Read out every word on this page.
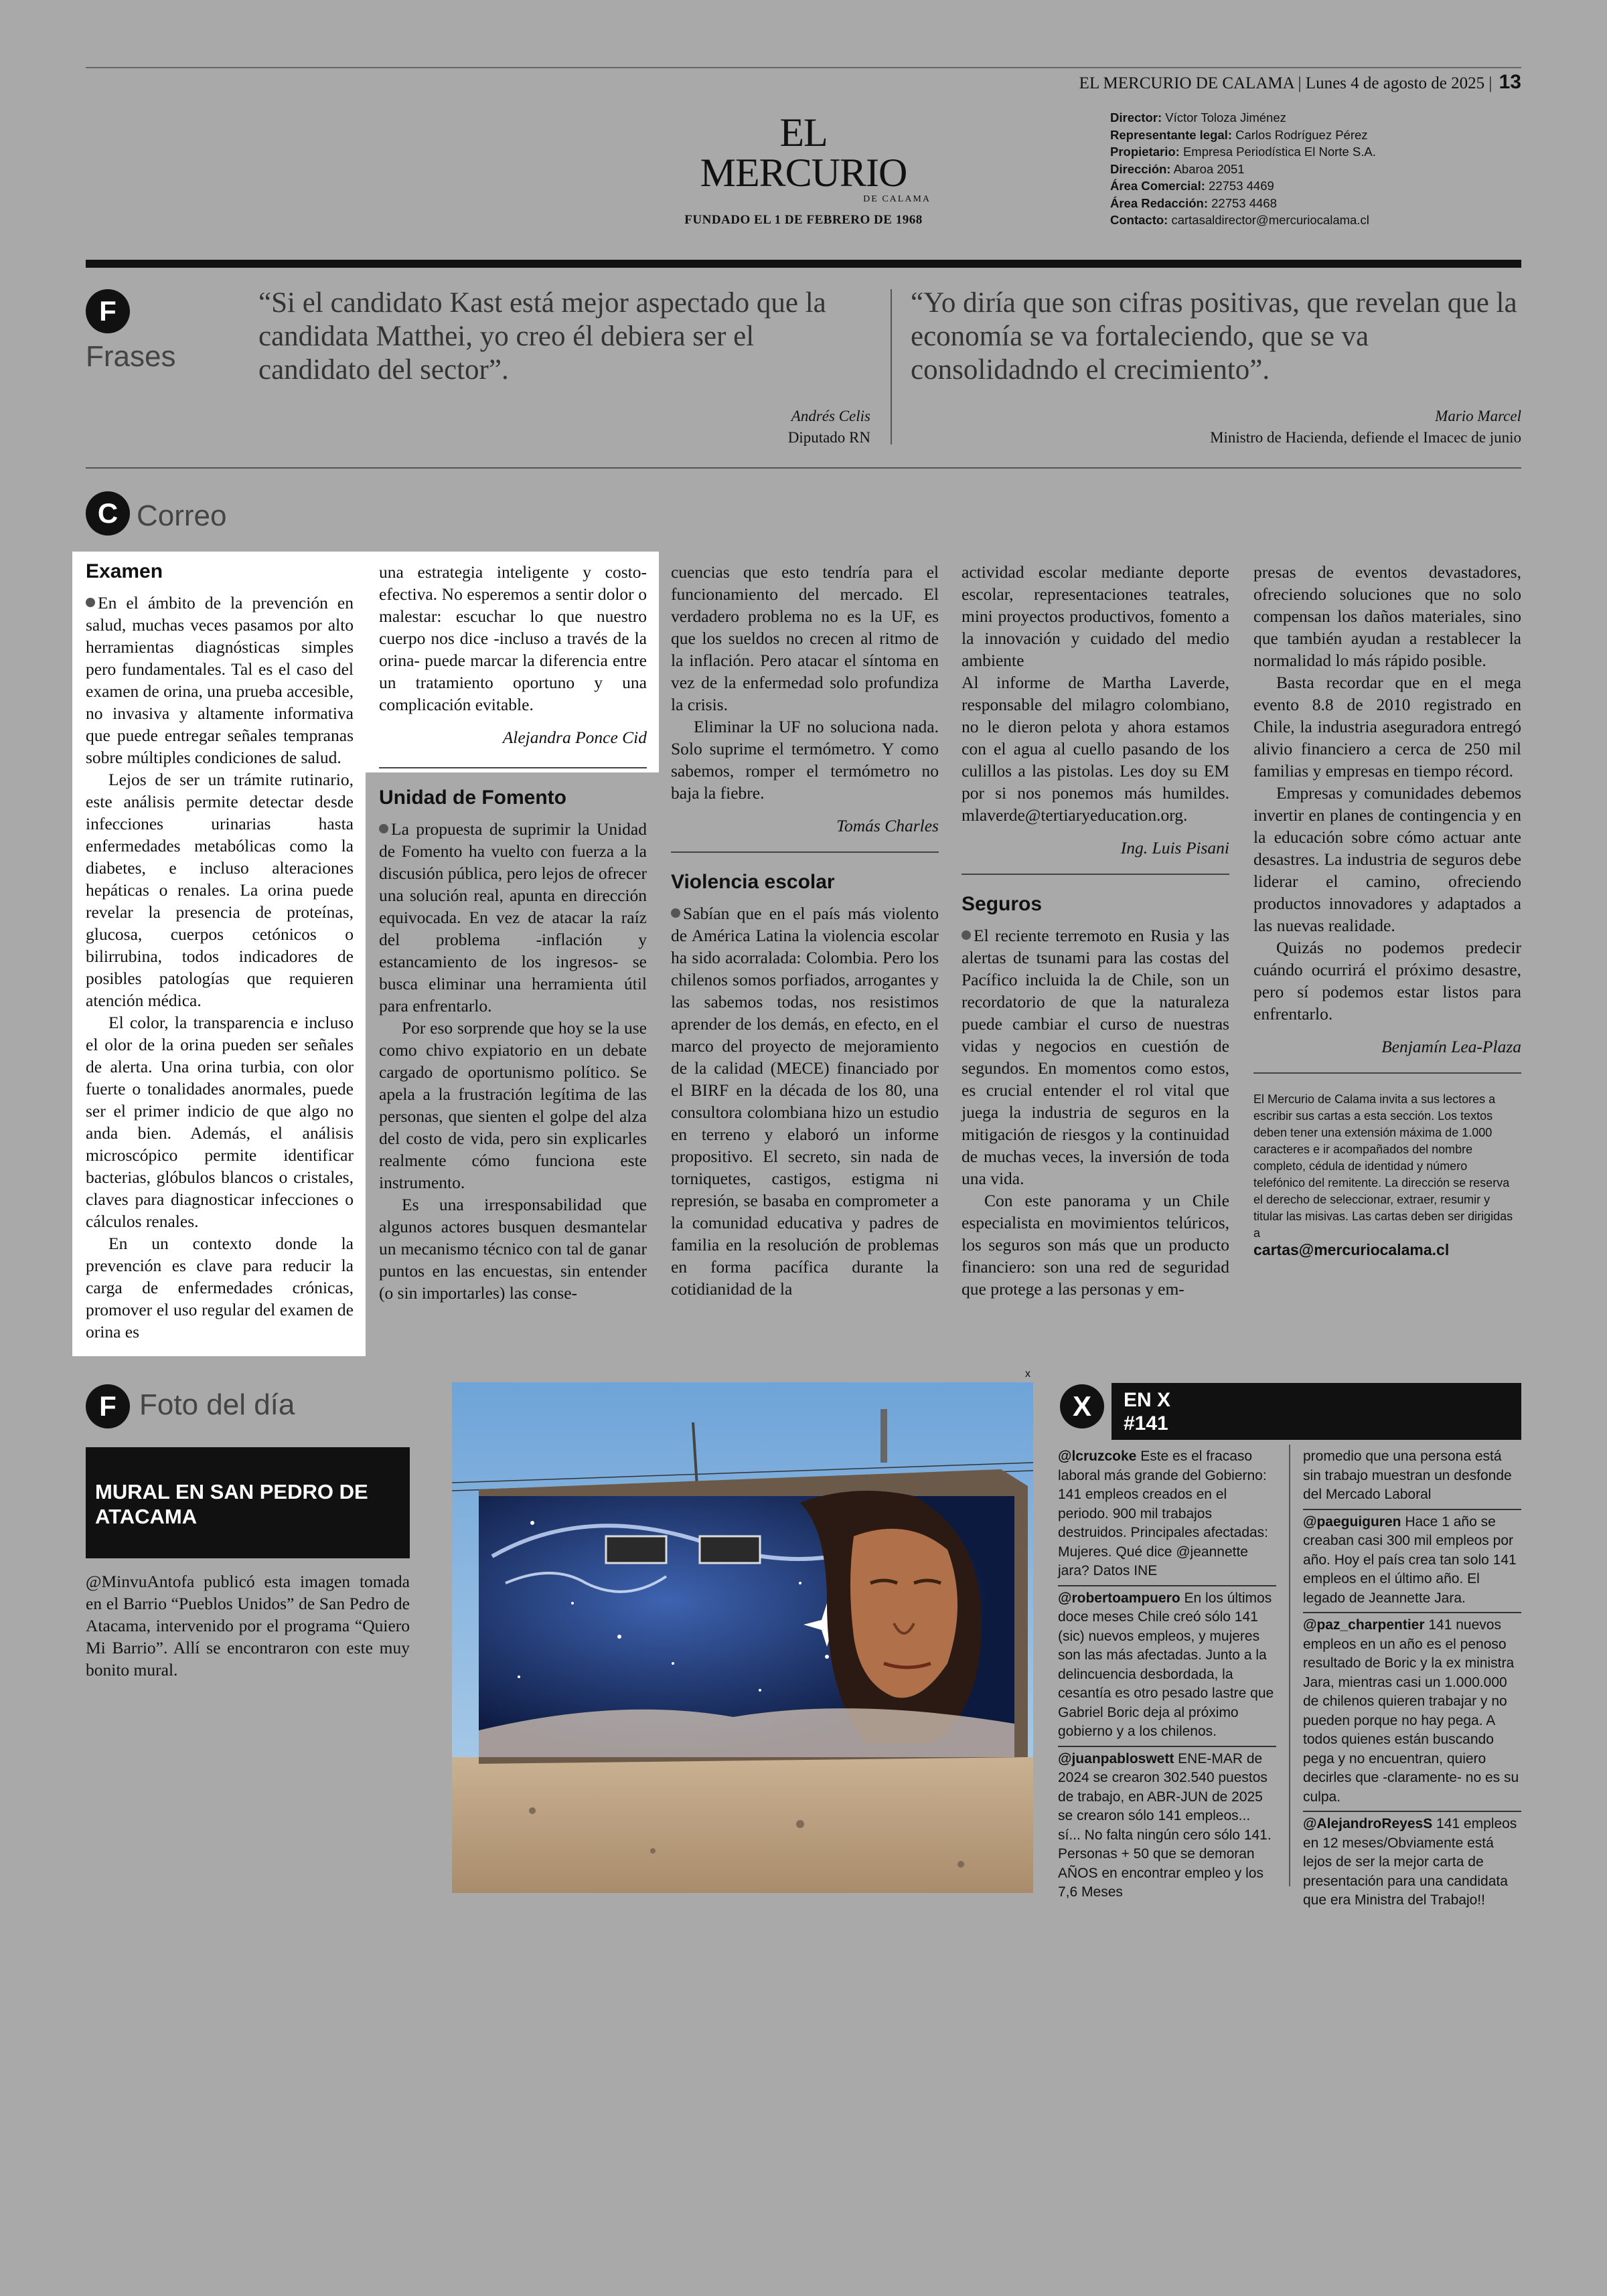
EL MERCURIO DE CALAMA | Lunes 4 de agosto de 2025 | 13
EL MERCURIO
DE CALAMA
FUNDADO EL 1 DE FEBRERO DE 1968
Director: Víctor Toloza Jiménez
Representante legal: Carlos Rodríguez Pérez
Propietario: Empresa Periodística El Norte S.A.
Dirección: Abaroa 2051
Área Comercial: 22753 4469
Área Redacción: 22753 4468
Contacto: cartasaldirector@mercuriocalama.cl
F
Frases
“Si el candidato Kast está mejor aspectado que la candidata Matthei, yo creo él debiera ser el candidato del sector”.
Andrés Celis
Diputado RN
“Yo diría que son cifras positivas, que revelan que la economía se va fortaleciendo, que se va consolidadndo el crecimiento”.
Mario Marcel
Ministro de Hacienda, defiende el Imacec de junio
C Correo
Examen

En el ámbito de la prevención en salud, muchas veces pasamos por alto herramientas diagnósticas simples pero fundamentales. Tal es el caso del examen de orina, una prueba accesible, no invasiva y altamente informativa que puede entregar señales tempranas sobre múltiples condiciones de salud.

Lejos de ser un trámite rutinario, este análisis permite detectar desde infecciones urinarias hasta enfermedades metabólicas como la diabetes, e incluso alteraciones hepáticas o renales. La orina puede revelar la presencia de proteínas, glucosa, cuerpos cetónicos o bilirrubina, todos indicadores de posibles patologías que requieren atención médica.

El color, la transparencia e incluso el olor de la orina pueden ser señales de alerta. Una orina turbia, con olor fuerte o tonalidades anormales, puede ser el primer indicio de que algo no anda bien. Además, el análisis microscópico permite identificar bacterias, glóbulos blancos o cristales, claves para diagnosticar infecciones o cálculos renales.

En un contexto donde la prevención es clave para reducir la carga de enfermedades crónicas, promover el uso regular del examen de orina es

una estrategia inteligente y costo-efectiva. No esperemos a sentir dolor o malestar: escuchar lo que nuestro cuerpo nos dice -incluso a través de la orina- puede marcar la diferencia entre un tratamiento oportuno y una complicación evitable.

Alejandra Ponce Cid

Unidad de Fomento

La propuesta de suprimir la Unidad de Fomento ha vuelto con fuerza a la discusión pública, pero lejos de ofrecer una solución real, apunta en dirección equivocada. En vez de atacar la raíz del problema -inflación y estancamiento de los ingresos- se busca eliminar una herramienta útil para enfrentarlo.

Por eso sorprende que hoy se la use como chivo expiatorio en un debate cargado de oportunismo político. Se apela a la frustración legítima de las personas, que sienten el golpe del alza del costo de vida, pero sin explicarles realmente cómo funciona este instrumento.

Es una irresponsabilidad que algunos actores busquen desmantelar un mecanismo técnico con tal de ganar puntos en las encuestas, sin entender (o sin importarles) las conse-

cuencias que esto tendría para el funcionamiento del mercado. El verdadero problema no es la UF, es que los sueldos no crecen al ritmo de la inflación. Pero atacar el síntoma en vez de la enfermedad solo profundiza la crisis.

Eliminar la UF no soluciona nada. Solo suprime el termómetro. Y como sabemos, romper el termómetro no baja la fiebre.

Tomás Charles

Violencia escolar

Sabían que en el país más violento de América Latina la violencia escolar ha sido acorralada: Colombia. Pero los chilenos somos porfiados, arrogantes y las sabemos todas, nos resistimos aprender de los demás, en efecto, en el marco del proyecto de mejoramiento de la calidad (MECE) financiado por el BIRF en la década de los 80, una consultora colombiana hizo un estudio en terreno y elaboró un informe propositivo. El secreto, sin nada de torniquetes, castigos, estigma ni represión, se basaba en comprometer a la comunidad educativa y padres de familia en la resolución de problemas en forma pacífica durante la cotidianidad de la

actividad escolar mediante deporte escolar, representaciones teatrales, mini proyectos productivos, fomento a la innovación y cuidado del medio ambiente

Al informe de Martha Laverde, responsable del milagro colombiano, no le dieron pelota y ahora estamos con el agua al cuello pasando de los culillos a las pistolas. Les doy su EM por si nos ponemos más humildes. mlaverde@tertiaryeducation.org.

Ing. Luis Pisani

Seguros

El reciente terremoto en Rusia y las alertas de tsunami para las costas del Pacífico incluida la de Chile, son un recordatorio de que la naturaleza puede cambiar el curso de nuestras vidas y negocios en cuestión de segundos. En momentos como estos, es crucial entender el rol vital que juega la industria de seguros en la mitigación de riesgos y la continuidad de muchas veces, la inversión de toda una vida.

Con este panorama y un Chile especialista en movimientos telúricos, los seguros son más que un producto financiero: son una red de seguridad que protege a las personas y em-

presas de eventos devastadores, ofreciendo soluciones que no solo compensan los daños materiales, sino que también ayudan a restablecer la normalidad lo más rápido posible.

Basta recordar que en el mega evento 8.8 de 2010 registrado en Chile, la industria aseguradora entregó alivio financiero a cerca de 250 mil familias y empresas en tiempo récord.

Empresas y comunidades debemos invertir en planes de contingencia y en la educación sobre cómo actuar ante desastres. La industria de seguros debe liderar el camino, ofreciendo productos innovadores y adaptados a las nuevas realidade.

Quizás no podemos predecir cuándo ocurrirá el próximo desastre, pero sí podemos estar listos para enfrentarlo.

Benjamín Lea-Plaza

El Mercurio de Calama invita a sus lectores a escribir sus cartas a esta sección. Los textos deben tener una extensión máxima de 1.000 caracteres e ir acompañados del nombre completo, cédula de identidad y número telefónico del remitente. La dirección se reserva el derecho de seleccionar, extraer, resumir y titular las misivas. Las cartas deben ser dirigidas a
cartas@mercuriocalama.cl
F Foto del día
MURAL EN SAN PEDRO DE ATACAMA
@MinvuAntofa publicó esta imagen tomada en el Barrio “Pueblos Unidos” de San Pedro de Atacama, intervenido por el programa “Quiero Mi Barrio”. Allí se encontraron con este muy bonito mural.
x
X	EN X
#141
@lcruzcoke Este es el fracaso laboral más grande del Gobierno: 141 empleos creados en el periodo. 900 mil trabajos destruidos. Principales afectadas: Mujeres. Qué dice @jeannette jara? Datos INE
@robertoampuero En los últimos doce meses Chile creó sólo 141 (sic) nuevos empleos, y mujeres son las más afectadas. Junto a la delincuencia desbordada, la cesantía es otro pesado lastre que Gabriel Boric deja al próximo gobierno y a los chilenos.
@juanpabloswett ENE-MAR de 2024 se crearon 302.540 puestos de trabajo, en ABR-JUN de 2025 se crearon sólo 141 empleos... sí... No falta ningún cero sólo 141. Personas + 50 que se demoran AÑOS en encontrar empleo y los 7,6 Meses
promedio que una persona está sin trabajo muestran un desfonde del Mercado Laboral
@paeguiguren Hace 1 año se creaban casi 300 mil empleos por año. Hoy el país crea tan solo 141 empleos en el último año. El legado de Jeannette Jara.
@paz_charpentier 141 nuevos empleos en un año es el penoso resultado de Boric y la ex ministra Jara, mientras casi un 1.000.000 de chilenos quieren trabajar y no pueden porque no hay pega. A todos quienes están buscando pega y no encuentran, quiero decirles que -claramente- no es su culpa.
@AlejandroReyesS 141 empleos en 12 meses/Obviamente está lejos de ser la mejor carta de presentación para una candidata que era Ministra del Trabajo!!
